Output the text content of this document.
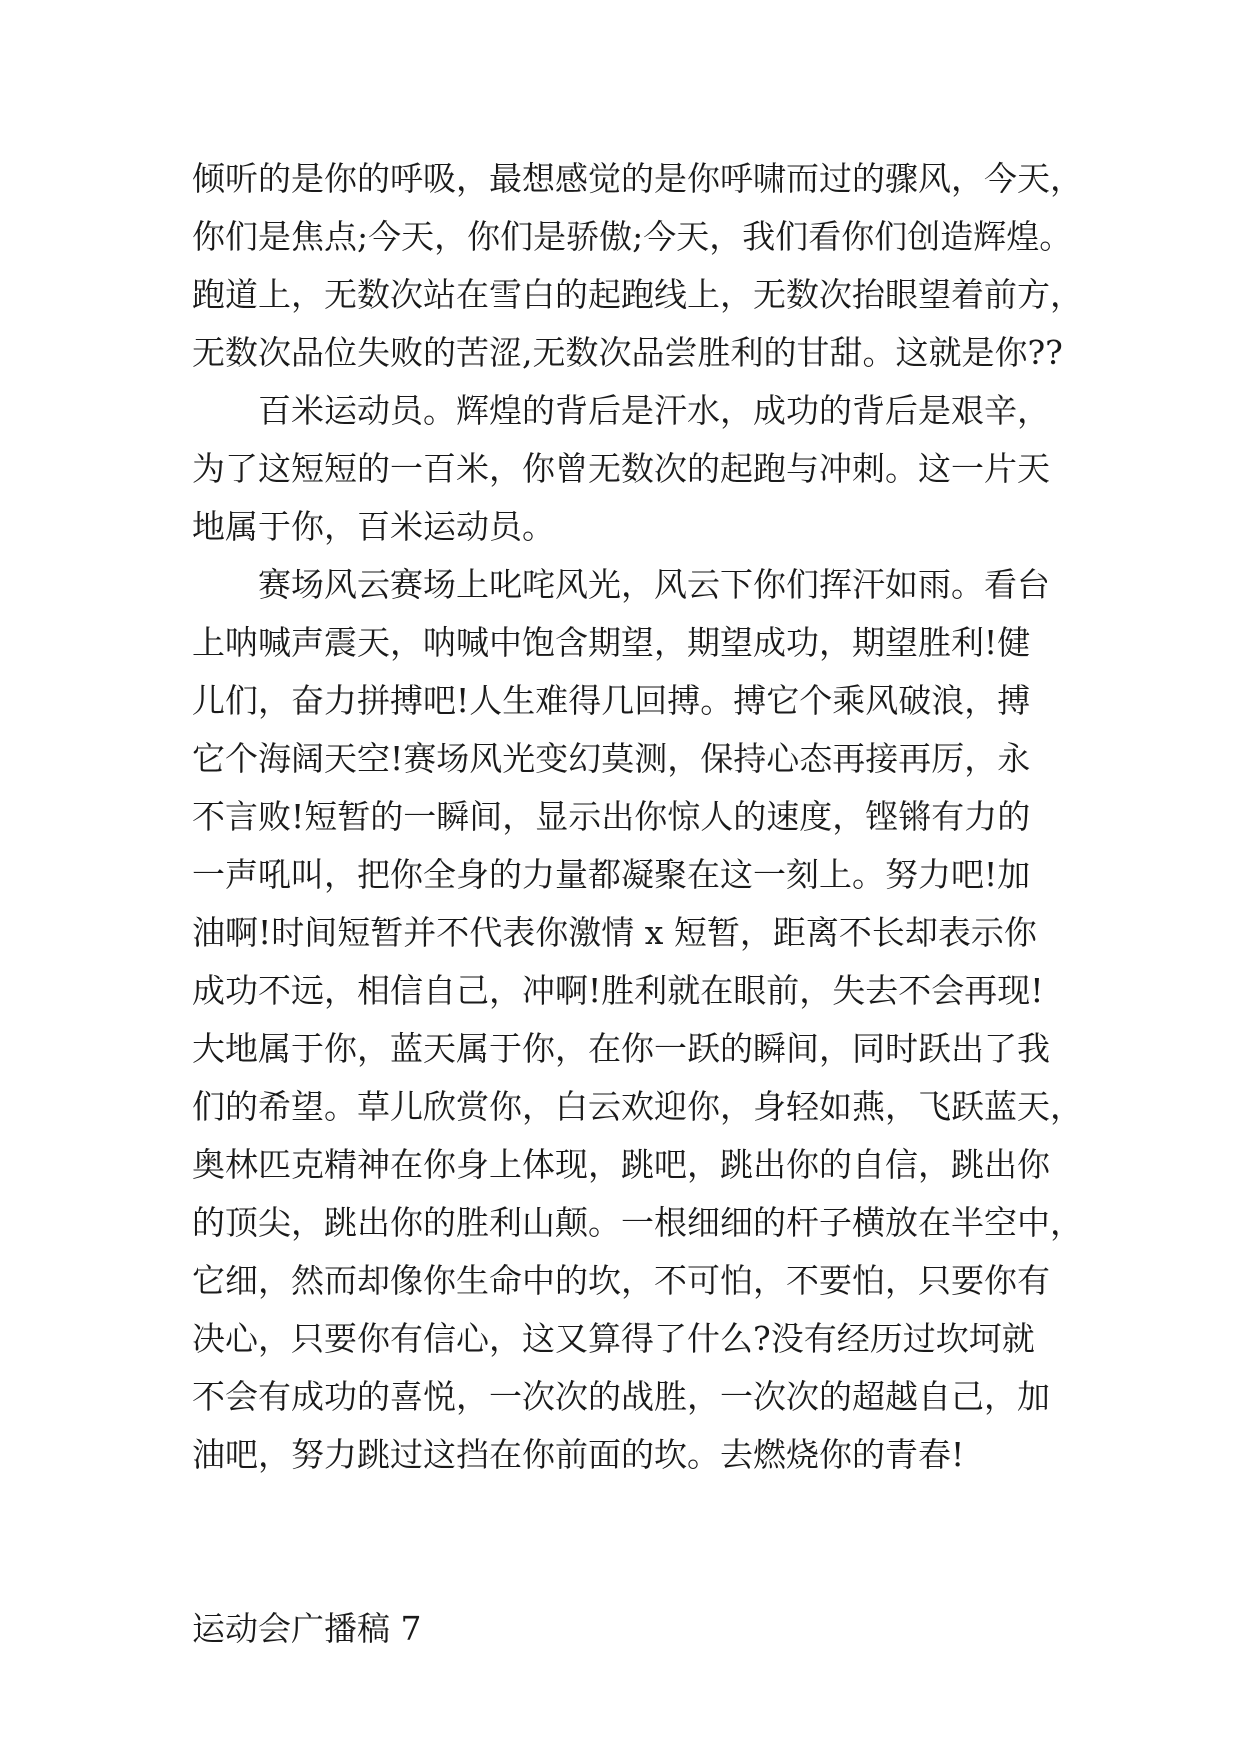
倾听的是你的呼吸，最想感觉的是你呼啸而过的骤风，今天，
你们是焦点;今天，你们是骄傲;今天，我们看你们创造辉煌。
跑道上，无数次站在雪白的起跑线上，无数次抬眼望着前方，
无数次品位失败的苦涩,无数次品尝胜利的甘甜。这就是你??
百米运动员。辉煌的背后是汗水，成功的背后是艰辛，
为了这短短的一百米，你曾无数次的起跑与冲刺。这一片天
地属于你，百米运动员。
赛场风云赛场上叱咤风光，风云下你们挥汗如雨。看台
上呐喊声震天，呐喊中饱含期望，期望成功，期望胜利!健
儿们，奋力拼搏吧!人生难得几回搏。搏它个乘风破浪，搏
它个海阔天空!赛场风光变幻莫测，保持心态再接再厉，永
不言败!短暂的一瞬间，显示出你惊人的速度，铿锵有力的
一声吼叫，把你全身的力量都凝聚在这一刻上。努力吧!加
油啊!时间短暂并不代表你激情 x 短暂，距离不长却表示你
成功不远，相信自己，冲啊!胜利就在眼前，失去不会再现!
大地属于你，蓝天属于你，在你一跃的瞬间，同时跃出了我
们的希望。草儿欣赏你，白云欢迎你，身轻如燕，飞跃蓝天，
奥林匹克精神在你身上体现，跳吧，跳出你的自信，跳出你
的顶尖，跳出你的胜利山颠。一根细细的杆子横放在半空中，
它细，然而却像你生命中的坎，不可怕，不要怕，只要你有
决心，只要你有信心，这又算得了什么?没有经历过坎坷就
不会有成功的喜悦，一次次的战胜，一次次的超越自己，加
油吧，努力跳过这挡在你前面的坎。去燃烧你的青春!
运动会广播稿 7
